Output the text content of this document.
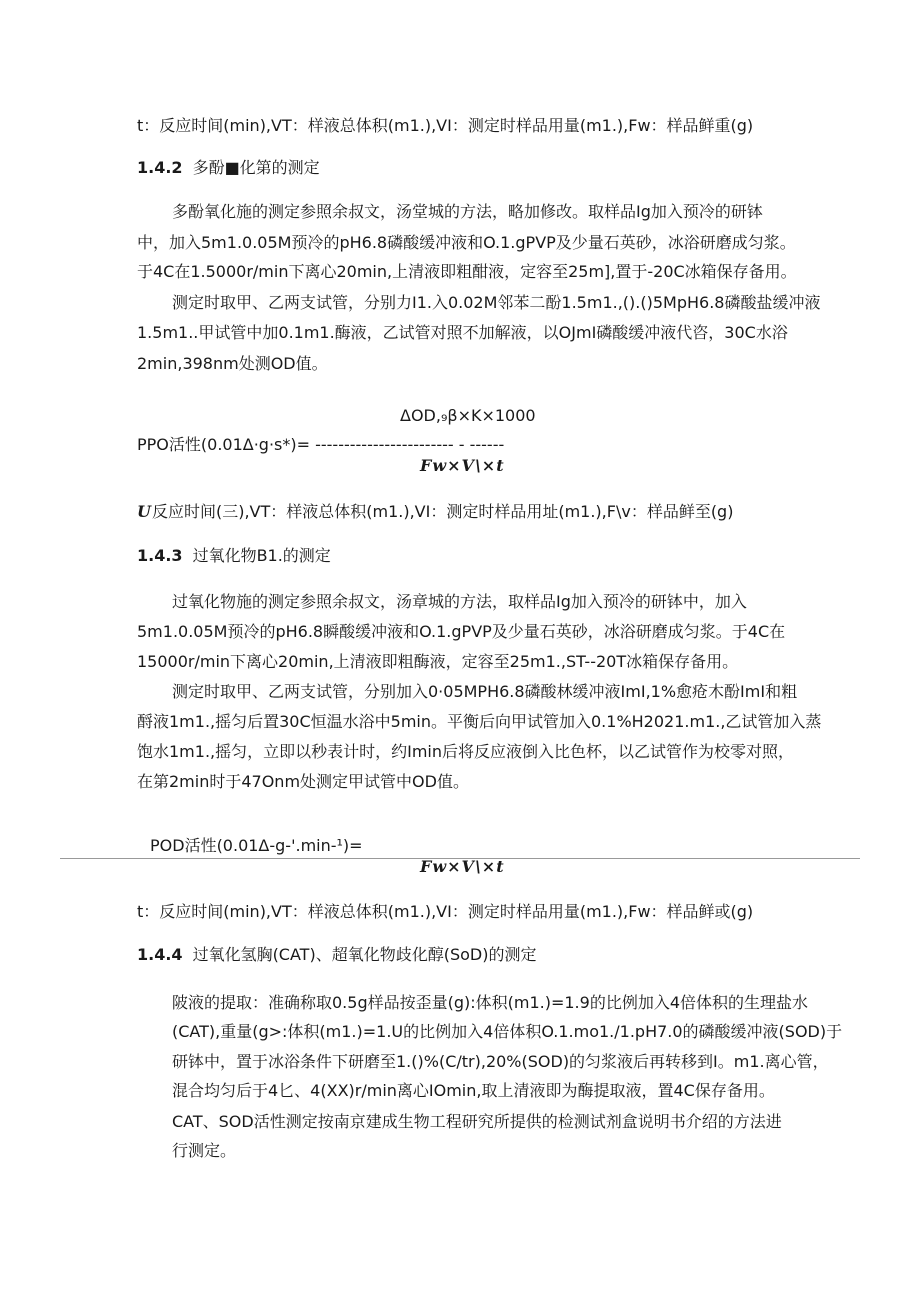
t：反应时间(min),VT：样液总体积(m1.),VI：测定时样品用量(m1.),Fw：样品鲜重(g)
1.4.2 多酚■化第的测定
多酚氧化施的测定参照余叔文，汤堂城的方法，略加修改。取样品Ig加入预冷的研钵
中，加入5m1.0.05M预冷的pH6.8磷酸缓冲液和O.1.gPVP及少量石英砂，冰浴研磨成匀浆。
于4C在1.5000r/min下离心20min,上清液即粗酣液，定容至25m],置于-20C冰箱保存备用。
测定时取甲、乙两支试管，分别力I1.入0.02M邻苯二酚1.5m1.,().()5MpH6.8磷酸盐缓冲液
1.5m1..甲试管中加0.1m1.酶液，乙试管对照不加解液，以OJmI磷酸缓冲液代咨，30C水浴
2min,398nm处测OD值。
ΔOD,₉β×K×1000
PPO活性(0.01Δ·g·s*)= ------------------------ - ------
Fw×V\×t
U反应时间(三),VT：样液总体积(m1.),VI：测定时样品用址(m1.),F\v：样品鲜至(g)
1.4.3 过氧化物B1.的测定
过氧化物施的测定参照余叔文，汤章城的方法，取样品Ig加入预冷的研钵中，加入
5m1.0.05M预冷的pH6.8瞬酸缓冲液和O.1.gPVP及少量石英砂，冰浴研磨成匀浆。于4C在
15000r/min下离心20min,上清液即粗酶液，定容至25m1.,ST--20T冰箱保存备用。
测定时取甲、乙两支试管，分别加入0·05MPH6.8磷酸林缓冲液ImI,1%愈疮木酚ImI和粗
酹液1m1.,摇匀后置30C恒温水浴中5min。平衡后向甲试管加入0.1%H2021.m1.,乙试管加入蒸
饱水1m1.,摇匀，立即以秒表计时，约Imin后将反应液倒入比色杯，以乙试管作为校零对照，
在第2min时于47Onm处测定甲试管中OD值。
POD活性(0.01Δ-g-'.min-¹)=
Fw×V\×t
t：反应时间(min),VT：样液总体积(m1.),VI：测定时样品用量(m1.),Fw：样品鲜或(g)
1.4.4 过氧化氢胸(CAT)、超氧化物歧化醇(SoD)的测定
陂液的提取：准确称取0.5g样品按歪量(g):体积(m1.)=1.9的比例加入4倍体积的生理盐水
(CAT),重量(g>:体积(m1.)=1.U的比例加入4倍体积O.1.mo1./1.pH7.0的磷酸缓冲液(SOD)于
研钵中，置于冰浴条件下研磨至1.()%(C/tr),20%(SOD)的匀浆液后再转移到I。m1.离心管，
混合均匀后于4匕、4(XX)r/min离心IOmin,取上清液即为酶提取液，置4C保存备用。
CAT、SOD活性测定按南京建成生物工程研究所提供的检测试剂盒说明书介绍的方法进
行测定。
